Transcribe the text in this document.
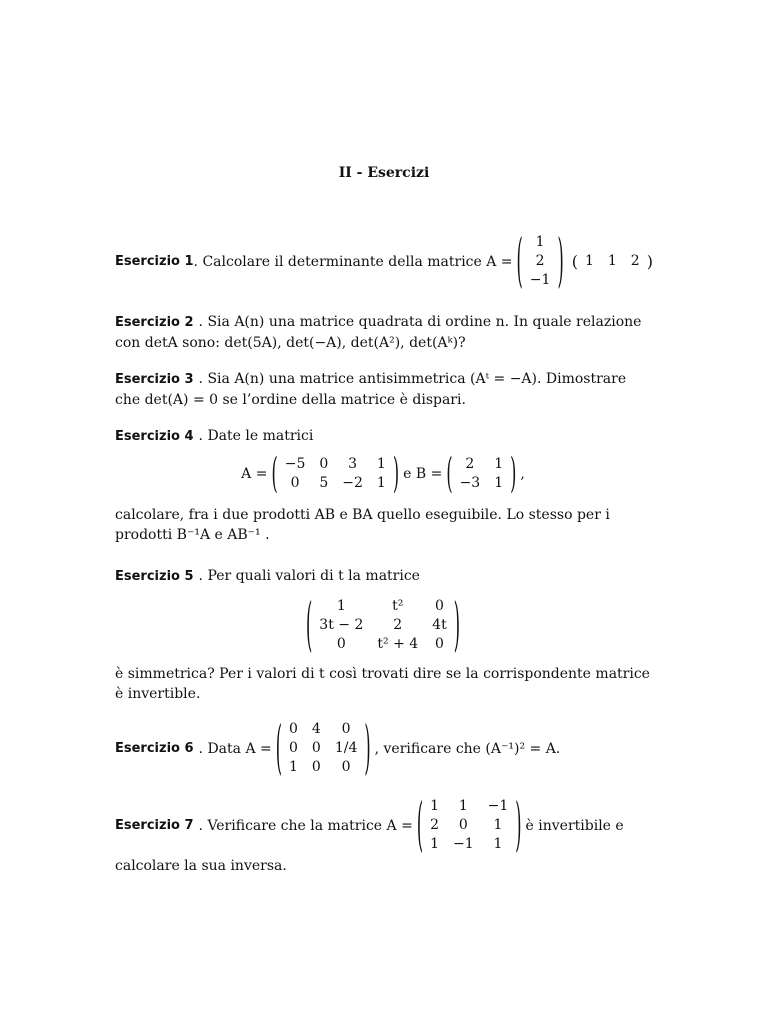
II - Esercizi
Esercizio 1 . Calcolare il determinante della matrice A = ( 1
2
−1 ) ( 1	1	2 )
Esercizio 2 . Sia A(n) una matrice quadrata di ordine n. In quale relazione
con detA sono: det(5A), det(−A), det(A²), det(Aᵏ)?
Esercizio 3 . Sia A(n) una matrice antisimmetrica (Aᵗ = −A). Dimostrare
che det(A) = 0 se l’ordine della matrice è dispari.
Esercizio 4 . Date le matrici
A = ( −5	0	3	1
0	5	−2	1 ) e B = ( 2	1
−3	1 ) ,
calcolare, fra i due prodotti AB e BA quello eseguibile. Lo stesso per i
prodotti B⁻¹A e AB⁻¹ .
Esercizio 5 . Per quali valori di t la matrice
( 1	t²	0
3t − 2	2	4t
0	t² + 4	0 )
è simmetrica? Per i valori di t così trovati dire se la corrispondente matrice
è invertible.
Esercizio 6 . Data A = ( 0	4	0
0	0	1/4
1	0	0 ) , verificare che (A⁻¹)² = A.
Esercizio 7 . Verificare che la matrice A = ( 1	1	−1
2	0	1
1	−1	1 ) è invertibile e
calcolare la sua inversa.
